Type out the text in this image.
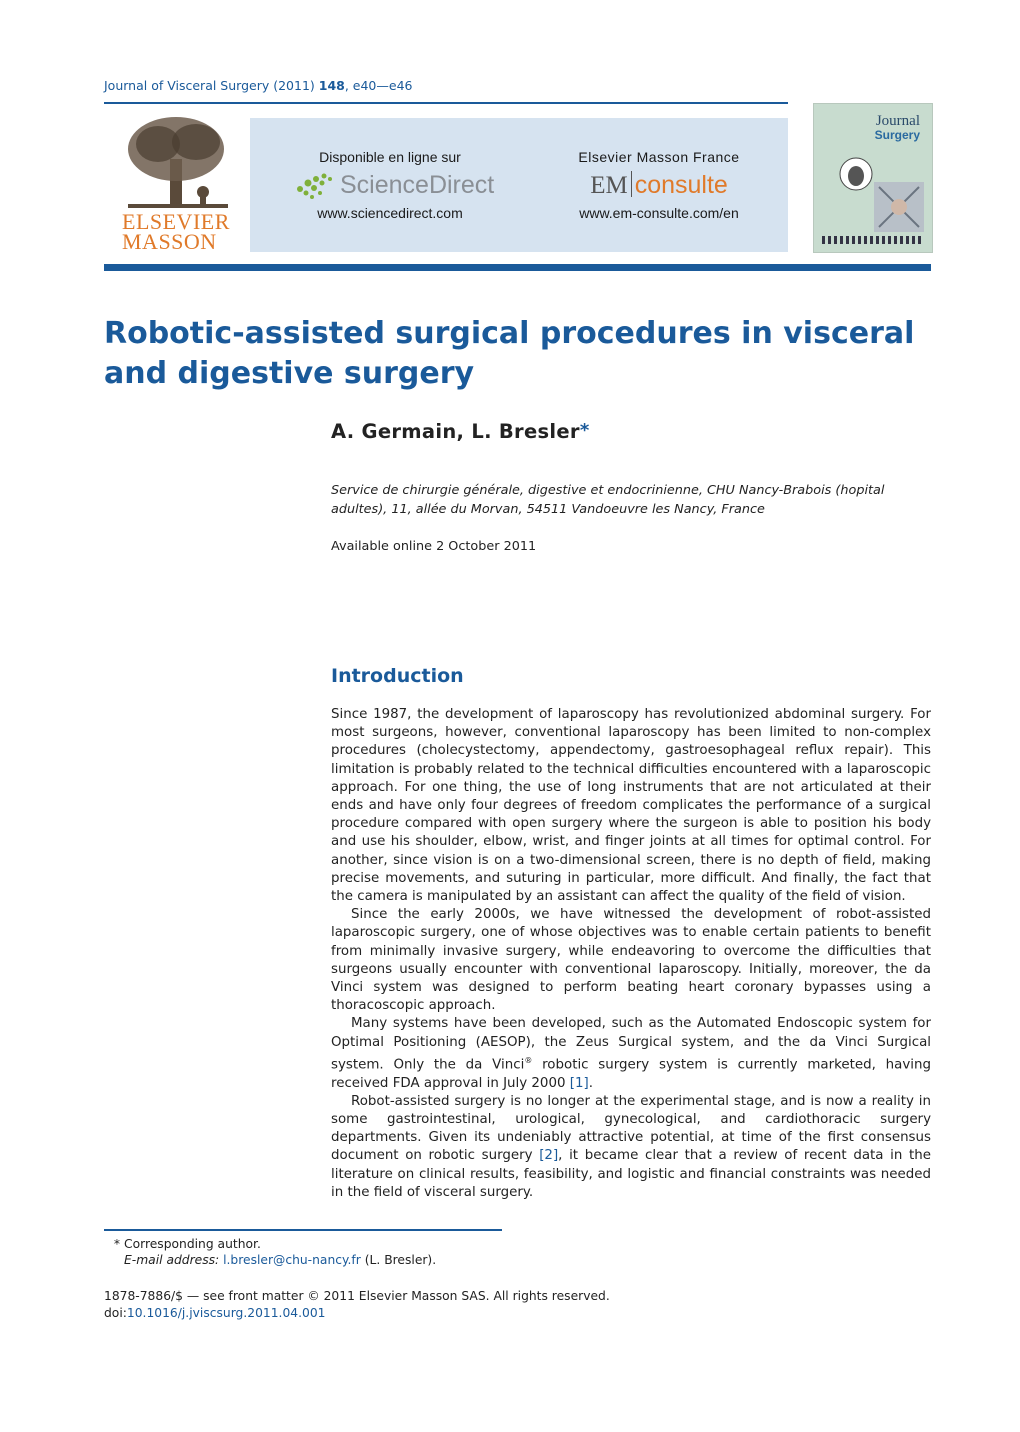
Journal of Visceral Surgery (2011) 148, e40—e46
ELSEVIER
MASSON
Disponible en ligne sur
ScienceDirect
www.sciencedirect.com
Elsevier Masson France
EM consulte
www.em-consulte.com/en
Journal
Surgery
Robotic-assisted surgical procedures in visceral and digestive surgery
A. Germain, L. Bresler*
Service de chirurgie générale, digestive et endocrinienne, CHU Nancy-Brabois (hopital adultes), 11, allée du Morvan, 54511 Vandoeuvre les Nancy, France
Available online 2 October 2011
Introduction

Since 1987, the development of laparoscopy has revolutionized abdominal surgery. For most surgeons, however, conventional laparoscopy has been limited to non-complex procedures (cholecystectomy, appendectomy, gastroesophageal reflux repair). This limitation is probably related to the technical difficulties encountered with a laparoscopic approach. For one thing, the use of long instruments that are not articulated at their ends and have only four degrees of freedom complicates the performance of a surgical procedure compared with open surgery where the surgeon is able to position his body and use his shoulder, elbow, wrist, and finger joints at all times for optimal control. For another, since vision is on a two-dimensional screen, there is no depth of field, making precise movements, and suturing in particular, more difficult. And finally, the fact that the camera is manipulated by an assistant can affect the quality of the field of vision.

Since the early 2000s, we have witnessed the development of robot-assisted laparoscopic surgery, one of whose objectives was to enable certain patients to benefit from minimally invasive surgery, while endeavoring to overcome the difficulties that surgeons usually encounter with conventional laparoscopy. Initially, moreover, the da Vinci system was designed to perform beating heart coronary bypasses using a thoracoscopic approach.

Many systems have been developed, such as the Automated Endoscopic system for Optimal Positioning (AESOP), the Zeus Surgical system, and the da Vinci Surgical system. Only the da Vinci® robotic surgery system is currently marketed, having received FDA approval in July 2000 [1].

Robot-assisted surgery is no longer at the experimental stage, and is now a reality in some gastrointestinal, urological, gynecological, and cardiothoracic surgery departments. Given its undeniably attractive potential, at time of the first consensus document on robotic surgery [2], it became clear that a review of recent data in the literature on clinical results, feasibility, and logistic and financial constraints was needed in the field of visceral surgery.

* Corresponding author.
E-mail address: l.bresler@chu-nancy.fr (L. Bresler).
1878-7886/$ — see front matter © 2011 Elsevier Masson SAS. All rights reserved.
doi:10.1016/j.jviscsurg.2011.04.001
